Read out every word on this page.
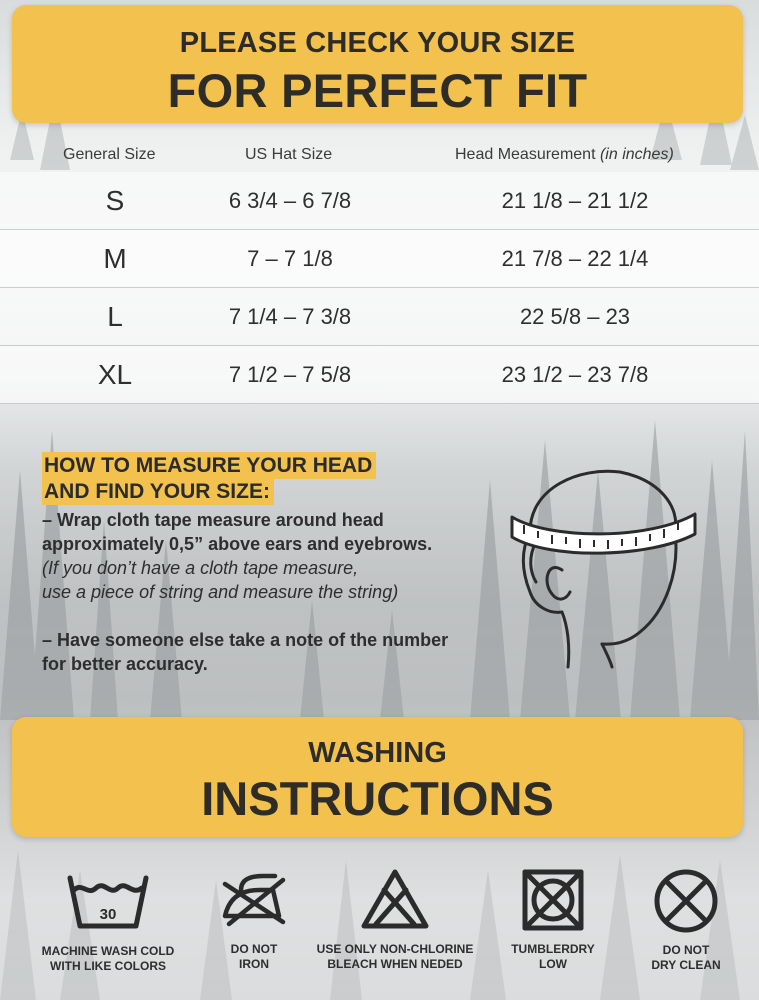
PLEASE CHECK YOUR SIZE
FOR PERFECT FIT
General Size	US Hat Size	Head Measurement (in inches)
S	6 3/4 – 6 7/8	21 1/8 – 21 1/2
M	7 – 7 1/8	21 7/8 – 22 1/4
L	7 1/4 – 7 3/8	22 5/8 – 23
XL	7 1/2 – 7 5/8	23 1/2 – 23 7/8
HOW TO MEASURE YOUR HEAD
AND FIND YOUR SIZE:
– Wrap cloth tape measure around head
approximately 0,5” above ears and eyebrows.
(If you don’t have a cloth tape measure,
use a piece of string and measure the string)
– Have someone else take a note of the number
for better accuracy.
WASHING
INSTRUCTIONS
30
MACHINE WASH COLD
WITH LIKE COLORS
DO NOT
IRON
USE ONLY NON-CHLORINE
BLEACH WHEN NEDED
TUMBLERDRY
LOW
DO NOT
DRY CLEAN
